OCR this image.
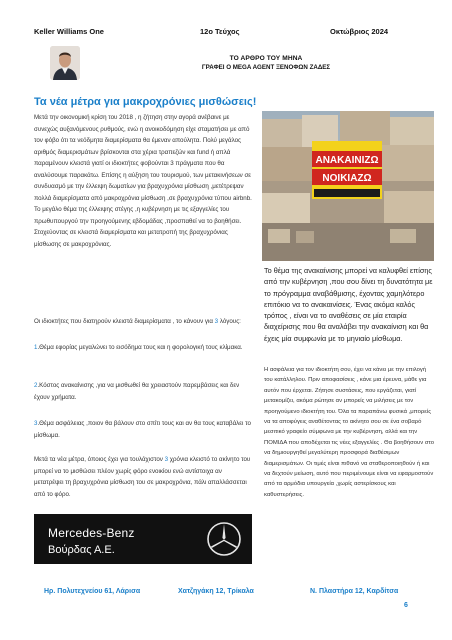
Keller Williams One	12ο Τεύχος	Οκτώβριος 2024
ΤΟ ΑΡΘΡΟ ΤΟΥ ΜΗΝΑ
ΓΡΑΦΕΙ Ο MEGA AGENT ΞΕΝΟΦΩΝ ΖΑΔΕΣ
Τα νέα μέτρα για μακροχρόνιες μισθώσεις!

Μετά την οικονομική κρίση του 2018 , η ζήτηση στην αγορά ανέβαινε με συνεχώς αυξανόμενους ρυθμούς, ενώ η ανοικοδόμηση είχε σταματήσει με από τον φόβο ότι τα νεόδμητα διαμερίσματα θα έμεναν απούλητα. Πολύ μεγάλος αριθμός διαμερισμάτων βρίσκονται στα χέρια τραπεζών και fund ή απλά παραμένουν κλειστά γιατί οι ιδιοκτήτες φοβούνται 3 πράγματα που θα αναλύσουμε παρακάτω. Επίσης η αύξηση του τουρισμού, των μετακινήσεων σε συνδυασμό με την έλλειψη δωματίων για βραχυχρόνια μίσθωση ,μετέτρεψαν πολλά διαμερίσματα από μακροχρόνια μίσθωση ,σε βραχυχρόνια τύπου airbnb. Το μεγάλο θέμα της έλλειψης στέγης ,η κυβέρνηση με τις εξαγγελίες του πρωθυπουργού την προηγούμενης εβδομάδας ,προσπαθεί να το βοηθήσει. Στοχεύοντας σε κλειστά διαμερίσματα και μετατροπή της βραχυχρόνιας μίσθωσης σε μακροχρόνιας.

Οι ιδιοκτήτες που διατηρούν κλειστά διαμερίσματα , το κάνουν για 3 λόγους:

1.Θέμα εφορίας μεγαλώνει το εισόδημα τους και η φορολογική τους κλίμακα.

2.Κόστος ανακαίνισης ,για να μισθωθεί θα χρειαστούν παρεμβάσεις και δεν έχουν χρήματα.

3.Θέμα ασφάλειας ,ποιον θα βάλουν στο σπίτι τους και αν θα τους καταβάλει το μίσθωμα.

Μετά τα νέα μέτρα, όποιος έχει για τουλάχιστον 3 χρόνια κλειστό το ακίνητο του μπορεί να το μισθώσει πλέον χωρίς φόρο ενοικίου ενώ αντίστοιχα αν μετατρέψει τη βραχυχρόνια μίσθωση του σε μακροχρόνια, πάλι απαλλάσσεται από το φόρο.

ΑΝΑΚΑΙΝΙΖΩ
ΝΟΙΚΙΑΖΩ
Το θέμα της ανακαίνισης μπορεί να καλυφθεί επίσης από την κυβέρνηση ,που σου δίνει τη δυνατότητα με το πρόγραμμα αναβάθμισης, έχοντας χαμηλότερο επιτόκιο να το ανακαινίσεις. Ένας ακόμα καλός τρόπος , είναι να το αναθέσεις σε μία εταιρία διαχείρισης που θα αναλάβει την ανακαίνιση και θα έχεις μία συμφωνία με το μηνιαίο μίσθωμα.
Η ασφάλεια για τον ιδιοκτήτη σου, έχει να κάνει με την επιλογή του κατάλληλου. Πριν αποφασίσεις , κάνε μια έρευνα, μάθε για αυτόν που έρχεται. Ζήτησε συστάσεις, που εργάζεται, γιατί μετακομίζει, ακόμα ρώτησε αν μπορείς να μιλήσεις με τον προηγούμενο ιδιοκτήτη του. Όλα τα παραπάνω φυσικά ,μπορείς να τα αποφύγεις αναθέτοντας το ακίνητο σου σε ένα σοβαρό μεσιτικό γραφείο σύμφωνα με την κυβέρνηση, αλλά και την ΠΟΜΙΔΑ που αποδέχεται τις νέες εξαγγελίες . Θα βοηθήσουν στο να δημιουργηθεί μεγαλύτερη προσφορά διαθέσιμων διαμερισμάτων. Οι τιμές είναι πιθανό να σταθεροποιηθούν ή και να δεχτούν μείωση, αυτό που περιμένουμε είναι να εφαρμοστούν από τα αρμόδια υπουργεία ,χωρίς αστερίσκους και καθυστερήσεις.
Mercedes-Benz
Βούρδας Α.Ε.
Ηρ. Πολυτεχνείου 61, Λάρισα	Χατζηγάκη 12, Τρίκαλα	Ν. Πλαστήρα 12, Καρδίτσα
6
